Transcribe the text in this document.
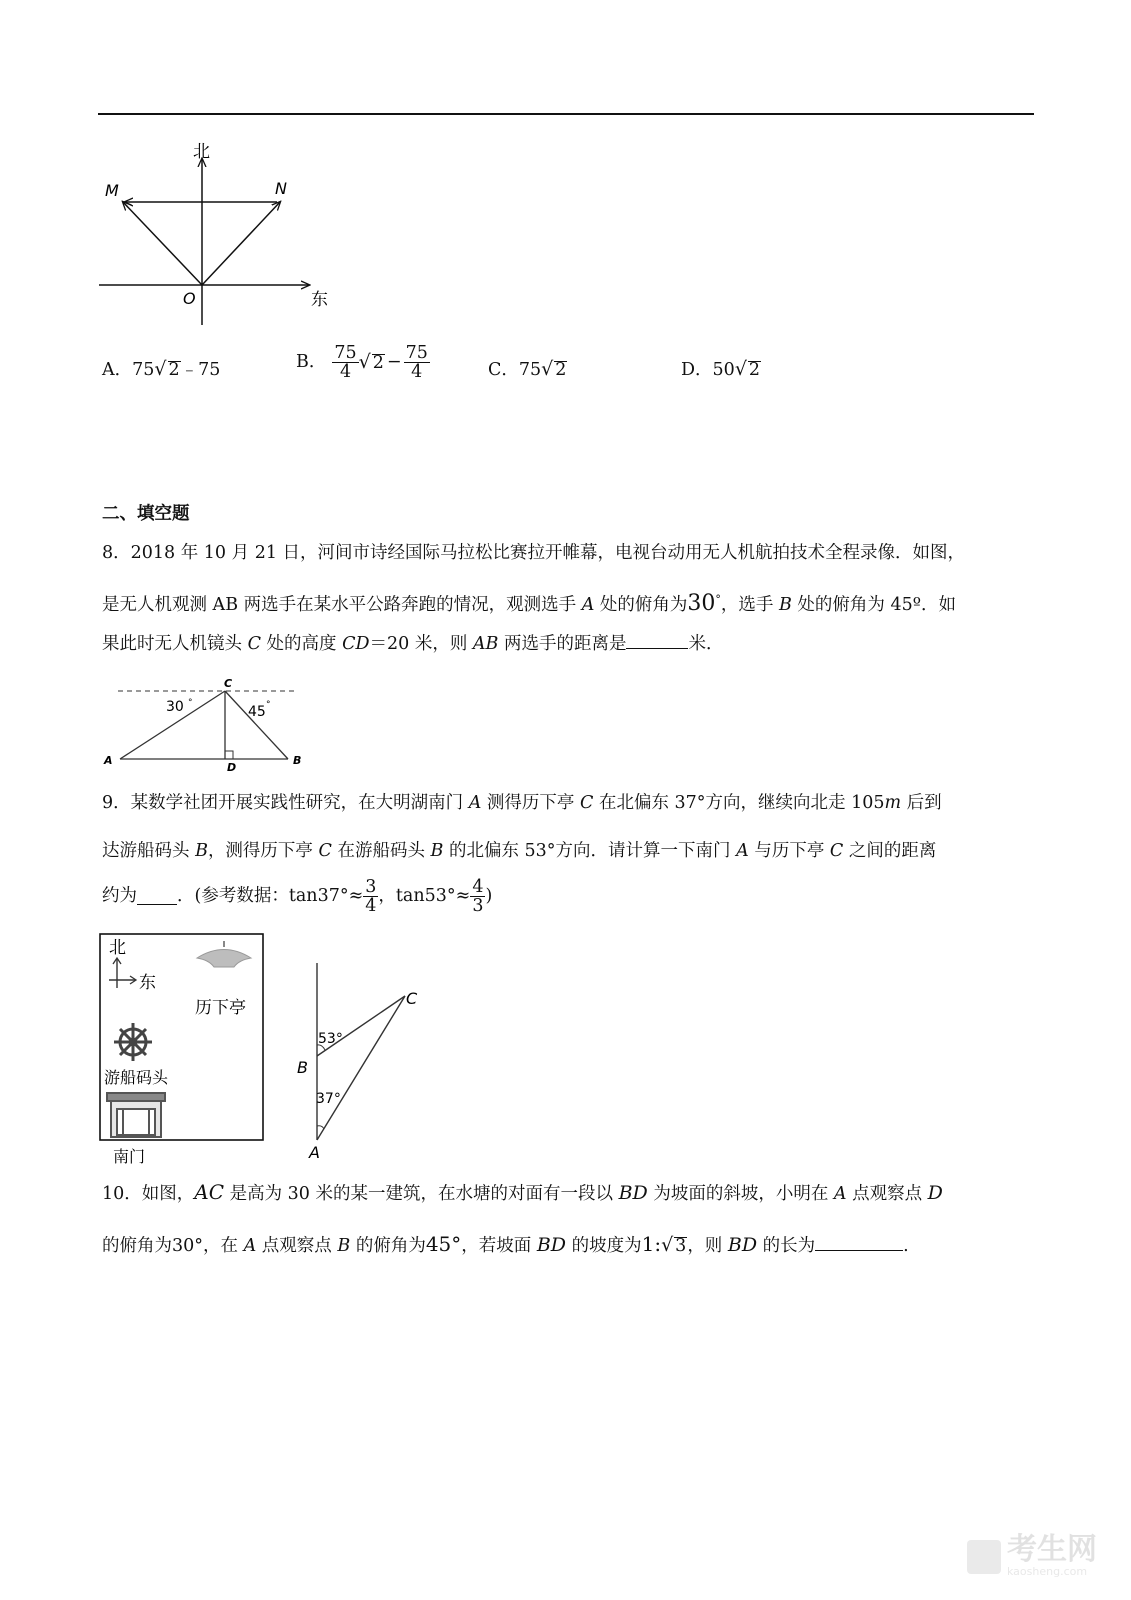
北
东
M	N
O
A．75√ 2﹣75	B． $\frac{75}{4}$ √ $2 - \frac{75}{4}$	C．75√ 2	D．50√ 2
二、填空题
8．2018 年 10 月 21 日，河间市诗经国际马拉松比赛拉开帷幕，电视台动用无人机航拍技术全程录像．如图，
是无人机观测 AB 两选手在某水平公路奔跑的情况，观测选手 A 处的俯角为30°，选手 B 处的俯角为 45º．如
果此时无人机镜头 C 处的高度 CD＝20 米，则 AB 两选手的距离是	米．
C
A
D
B
30 °
45 °
9．某数学社团开展实践性研究，在大明湖南门 A 测得历下亭 C 在北偏东 37°方向，继续向北走 105m 后到
达游船码头 B，测得历下亭 C 在游船码头 B 的北偏东 53°方向．请计算一下南门 A 与历下亭 C 之间的距离
约为 ．(参考数据：$\tan 37^\circ\approx \frac{3}{4}$ ，$\tan 53^\circ\approx \frac{4}{3}$ )
北
东
历下亭
游船码头
南门
C
B
A
53°
37°
10．如图，AC 是高为 30 米的某一建筑，在水塘的对面有一段以 BD 为坡面的斜坡，小明在 A 点观察点 D
的俯角为30°，在 A 点观察点 B 的俯角为45°，若坡面 BD 的坡度为1:√ 3，则 BD 的长为	.
考生网
kaosheng.com
